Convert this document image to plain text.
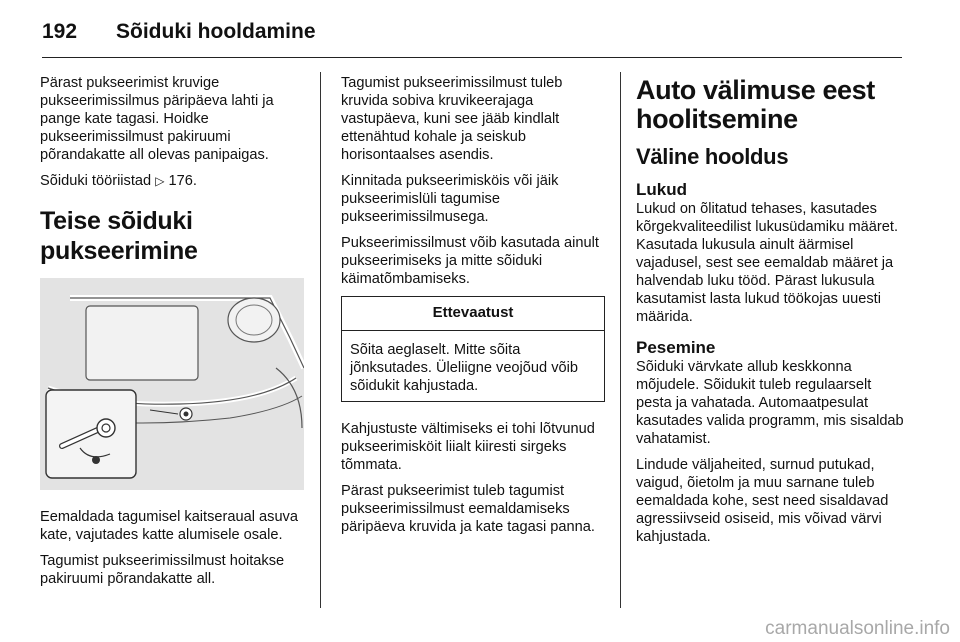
192 Sõiduki hooldamine

Pärast pukseerimist kruvige pukseerimissilmus päripäeva lahti ja pange kate tagasi. Hoidke pukseerimissilmust pakiruumi põrandakatte all olevas panipaigas.

Sõiduki tööriistad ▷ 176.

Teise sõiduki pukseerimine

Eemaldada tagumisel kaitseraual asuva kate, vajutades katte alumisele osale.

Tagumist pukseerimissilmust hoitakse pakiruumi põrandakatte all.

Tagumist pukseerimissilmust tuleb kruvida sobiva kruvikeerajaga vastupäeva, kuni see jääb kindlalt ettenähtud kohale ja seiskub horisontaalses asendis.

Kinnitada pukseerimisköis või jäik pukseerimislüli tagumise pukseerimissilmusega.

Pukseerimissilmust võib kasutada ainult pukseerimiseks ja mitte sõiduki käimatõmbamiseks.

Ettevaatust

Sõita aeglaselt. Mitte sõita jõnksutades. Üleliigne veojõud võib sõidukit kahjustada.

Kahjustuste vältimiseks ei tohi lõtvunud pukseerimisköit liialt kiiresti sirgeks tõmmata.

Pärast pukseerimist tuleb tagumist pukseerimissilmust eemaldamiseks päripäeva kruvida ja kate tagasi panna.

Auto välimuse eest hoolitsemine
Väline hooldus
Lukud

Lukud on õlitatud tehases, kasutades kõrgekvaliteedilist lukusüdamiku määret. Kasutada lukusula ainult äärmisel vajadusel, sest see eemaldab määret ja halvendab luku tööd. Pärast lukusula kasutamist lasta lukud töökojas uuesti määrida.

Pesemine

Sõiduki värvkate allub keskkonna mõjudele. Sõidukit tuleb regulaarselt pesta ja vahatada. Automaatpesulat kasutades valida programm, mis sisaldab vahatamist.

Lindude väljaheited, surnud putukad, vaigud, õietolm ja muu sarnane tuleb eemaldada kohe, sest need sisaldavad agressiivseid osiseid, mis võivad värvi kahjustada.

carmanualsonline.info
